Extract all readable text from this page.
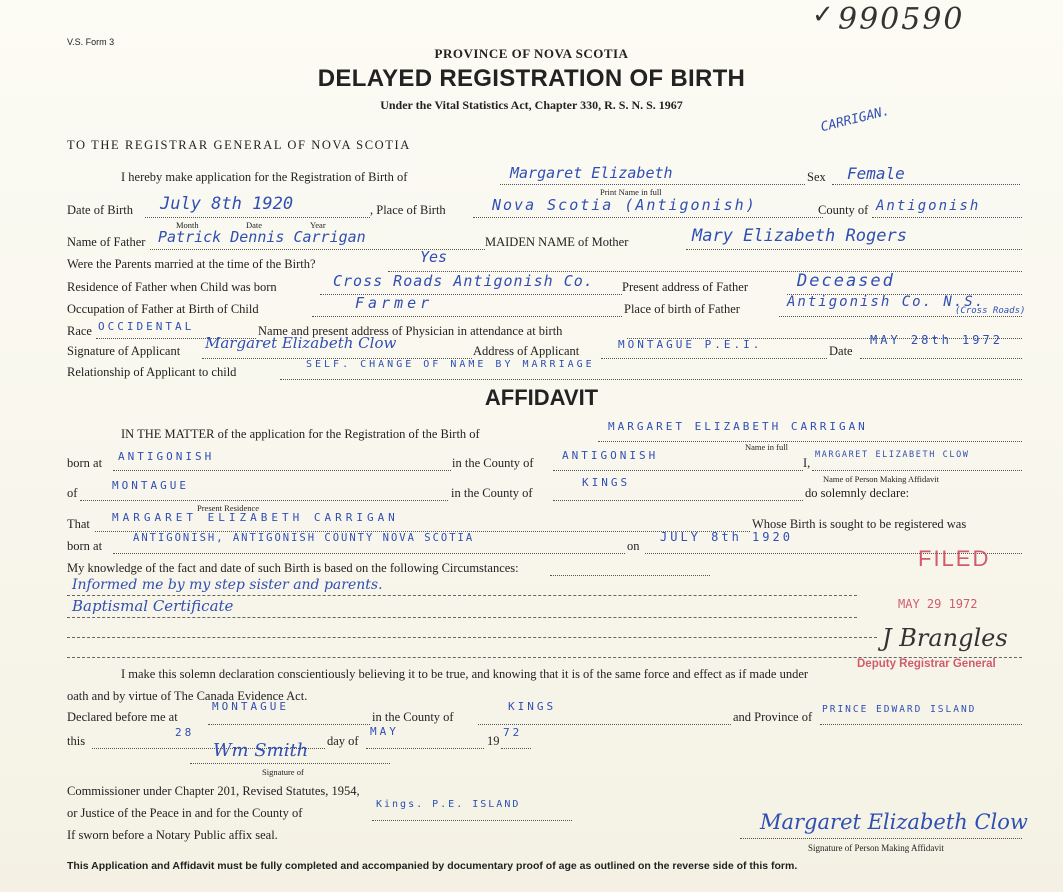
✓ 990590
V.S. Form 3
PROVINCE OF NOVA SCOTIA
DELAYED REGISTRATION OF BIRTH
Under the Vital Statistics Act, Chapter 330, R. S. N. S. 1967
TO THE REGISTRAR GENERAL OF NOVA SCOTIA
I hereby make application for the Registration of Birth of	Margaret Elizabeth
CARRIGAN.
Sex Female
Print Name in full
Date of Birth July 8th 1920
Month	Date	Year
, Place of Birth	Nova Scotia (Antigonish)	County of Antigonish
Name of Father Patrick Dennis Carrigan	MAIDEN NAME of Mother	Mary Elizabeth Rogers
Were the Parents married at the time of the Birth?	Yes
Residence of Father when Child was born	Cross Roads Antigonish Co. Present address of Father	Deceased
Occupation of Father at Birth of Child	Farmer	Place of birth of Father	Antigonish Co. N.S.
(Cross Roads)
Race OCCIDENTAL	Name and present address of Physician in attendance at birth
Signature of Applicant Margaret Elizabeth Clow	Address of Applicant	MONTAGUE P.E.I.	Date
MAY 28th 1972
Relationship of Applicant to child
SELF. CHANGE OF NAME BY MARRIAGE
AFFIDAVIT
IN THE MATTER of the application for the Registration of the Birth of
MARGARET ELIZABETH CARRIGAN
Name in full
born at ANTIGONISH	in the County of
ANTIGONISH
I,
MARGARET ELIZABETH CLOW
Name of Person Making Affidavit
of
MONTAGUE
in the County of
KINGS
do solemnly declare:
Present Residence
That MARGARET ELIZABETH CARRIGAN	Whose Birth is sought to be registered was
born at
ANTIGONISH, ANTIGONISH COUNTY NOVA SCOTIA
on
JULY 8th 1920
My knowledge of the fact and date of such Birth is based on the following Circumstances:
Informed me by my step sister and parents.
Baptismal Certificate
FILED
MAY 29 1972
J Brangles
Deputy Registrar General
I make this solemn declaration conscientiously believing it to be true, and knowing that it is of the same force and effect as if made under
oath and by virtue of The Canada Evidence Act.
Declared before me at
MONTAGUE
in the County of
KINGS
and Province of
PRINCE EDWARD ISLAND
this
28
day of
MAY
19
72
Wm Smith
Signature of
Commissioner under Chapter 201, Revised Statutes, 1954,
or Justice of the Peace in and for the County of
Kings. P.E. ISLAND
If sworn before a Notary Public affix seal.
Margaret Elizabeth Clow
Signature of Person Making Affidavit
This Application and Affidavit must be fully completed and accompanied by documentary proof of age as outlined on the reverse side of this form.
